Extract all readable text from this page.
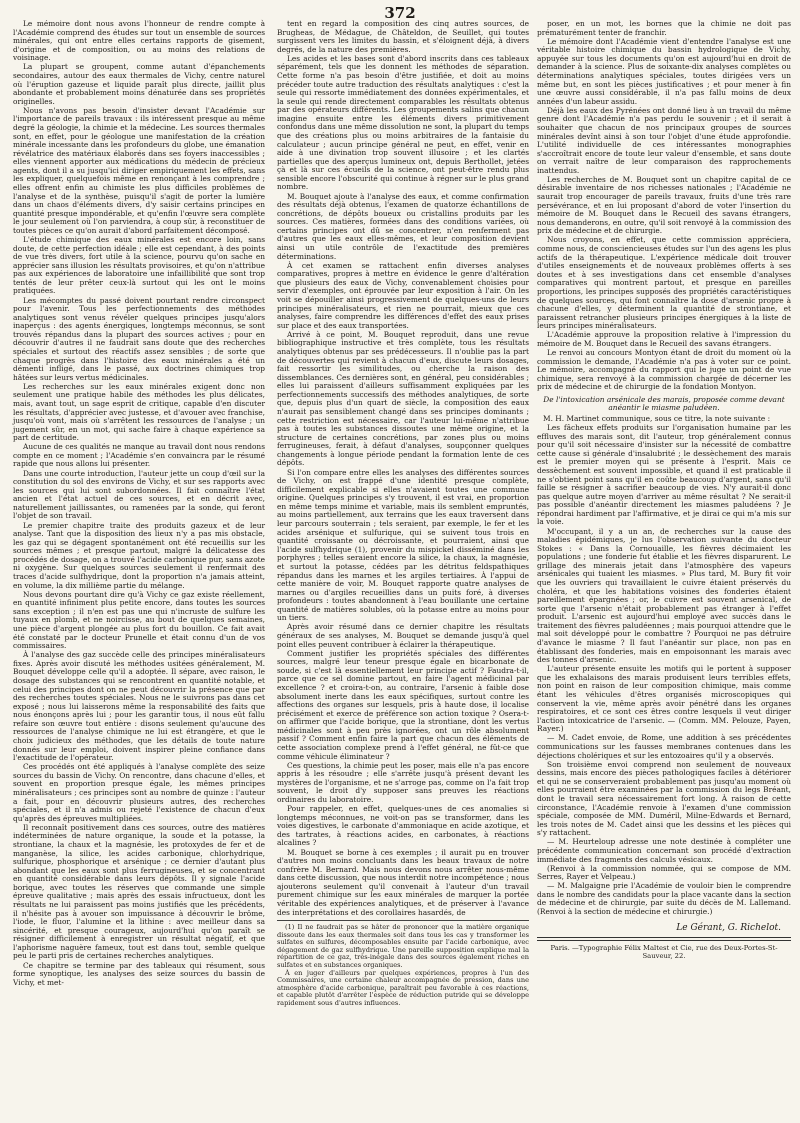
372

Le mémoire dont nous avons l'honneur de rendre compte à l'Académie comprend des études sur tout un ensemble de sources minérales, qui ont entre elles certains rapports de gisement, d'origine et de composition, ou au moins des relations de voisinage.

La plupart se groupent, comme autant d'épanchements secondaires, autour des eaux thermales de Vichy, centre naturel où l'éruption gazeuse et liquide paraît plus directe, jaillit plus abondante et probablement moins dénaturée dans ses propriétés originelles.

Nous n'avons pas besoin d'insister devant l'Académie sur l'importance de pareils travaux : ils intéressent presque au même degré la géologie, la chimie et la médecine. Les sources thermales sont, en effet, pour le géologue une manifestation de la création minérale incessante dans les profondeurs du globe, une émanation révélatrice des matériaux élaborés dans ses foyers inaccessibles ; elles viennent apporter aux médications du médecin de précieux agents, dont il a su jusqu'ici diriger empiriquement les effets, sans les expliquer, quelquefois même en renonçant à les comprendre ; elles offrent enfin au chimiste les plus difficiles problèmes de l'analyse et de la synthèse, puisqu'il s'agit de porter la lumière dans un chaos d'éléments divers, d'y saisir certains principes en quantité presque impondérable, et qu'enfin l'œuvre sera complète le jour seulement où l'on parviendra, à coup sûr, à reconstituer de toutes pièces ce qu'on aurait d'abord parfaitement décomposé.

L'étude chimique des eaux minérales est encore loin, sans doute, de cette perfection idéale ; elle est cependant, à des points de vue très divers, fort utile à la science, pourvu qu'on sache en apprécier sans illusion les résultats provisoires, et qu'on n'attribue pas aux expériences de laboratoire une infaillibilité que sont trop tentés de leur prêter ceux-là surtout qui les ont le moins pratiquées.

Les mécomptes du passé doivent pourtant rendre circonspect pour l'avenir. Tous les perfectionnements des méthodes analytiques sont venus révéler quelques principes jusqu'alors inaperçus : des agents énergiques, longtemps méconnus, se sont trouvés répandus dans la plupart des sources actives ; pour en découvrir d'autres il ne faudrait sans doute que des recherches spéciales et surtout des réactifs assez sensibles ; de sorte que chaque progrès dans l'histoire des eaux minérales a été un démenti infligé, dans le passé, aux doctrines chimiques trop hâtées sur leurs vertus médicinales.

Les recherches sur les eaux minérales exigent donc non seulement une pratique habile des méthodes les plus délicates, mais, avant tout, un sage esprit de critique, capable d'en discuter les résultats, d'apprécier avec justesse, et d'avouer avec franchise, jusqu'où vont, mais où s'arrêtent les ressources de l'analyse ; un jugement sûr, en un mot, qui sache faire à chaque expérience sa part de certitude.

Aucune de ces qualités ne manque au travail dont nous rendons compte en ce moment ; l'Académie s'en convaincra par le résumé rapide que nous allons lui présenter.

Dans une courte introduction, l'auteur jette un coup d'œil sur la constitution du sol des environs de Vichy, et sur ses rapports avec les sources qui lui sont subordonnées. Il fait connaître l'état ancien et l'état actuel de ces sources, et en décrit avec, naturellement jaillissantes, ou ramenées par la sonde, qui feront l'objet de son travail.

Le premier chapitre traite des produits gazeux et de leur analyse. Tant que la disposition des lieux n'y a pas mis obstacle, les gaz qui se dégagent spontanément ont été recueillis sur les sources mêmes ; et presque partout, malgré la délicatesse des procédés de dosage, on a trouvé l'acide carbonique pur, sans azote ni oxygène. Sur quelques sources seulement il renfermait des traces d'acide sulfhydrique, dont la proportion n'a jamais atteint, en volume, la dix millième partie du mélange.

Nous devons pourtant dire qu'à Vichy ce gaz existe réellement, en quantité infiniment plus petite encore, dans toutes les sources sans exception ; il n'en est pas une qui n'incruste de sulfure les tuyaux en plomb, et ne noircisse, au bout de quelques semaines, une pièce d'argent plongée au plus fort du bouillon. Ce fait avait été constaté par le docteur Prunelle et était connu d'un de vos commissaires.

À l'analyse des gaz succède celle des principes minéralisateurs fixes. Après avoir discuté les méthodes usitées généralement, M. Bouquet développe celle qu'il a adoptée. Il sépare, avec raison, le dosage des substances qui se rencontrent en quantité notable, et celui des principes dont on ne peut découvrir la présence que par des recherches toutes spéciales. Nous ne le suivrons pas dans cet exposé ; nous lui laisserons même la responsabilité des faits que nous énonçons après lui ; pour les garantir tous, il nous eût fallu refaire son œuvre tout entière : disons seulement qu'aucune des ressources de l'analyse chimique ne lui est étrangère, et que le choix judicieux des méthodes, que les détails de toute nature donnés sur leur emploi, doivent inspirer pleine confiance dans l'exactitude de l'opérateur.

Ces procédés ont été appliqués à l'analyse complète des seize sources du bassin de Vichy. On rencontre, dans chacune d'elles, et souvent en proportion presque égale, les mêmes principes minéralisateurs ; ces principes sont au nombre de quinze : l'auteur a fait, pour en découvrir plusieurs autres, des recherches spéciales, et il n'a admis ou rejeté l'existence de chacun d'eux qu'après des épreuves multipliées.

Il reconnaît positivement dans ces sources, outre des matières indéterminées de nature organique, la soude et la potasse, la strontiane, la chaux et la magnésie, les protoxydes de fer et de manganèse, la silice, les acides carbonique, chlorhydrique, sulfurique, phosphorique et arsénique ; ce dernier d'autant plus abondant que les eaux sont plus ferrugineuses, et se concentrant en quantité considérable dans leurs dépôts. Il y signale l'acide borique, avec toutes les réserves que commande une simple épreuve qualitative ; mais après des essais infructueux, dont les résultats ne lui paraissent pas moins justifiés que les précédents, il n'hésite pas à avouer son impuissance à découvrir le brôme, l'iode, le fluor, l'alumine et la lithine : avec meilleur dans sa sincérité, et presque courageux, aujourd'hui qu'on paraît se résigner difficilement à enregistrer un résultat négatif, et que l'aphorisme naguère fameux, tout est dans tout, semble quelque peu le parti pris de certaines recherches analytiques.

Ce chapitre se termine par des tableaux qui résument, sous forme synoptique, les analyses des seize sources du bassin de Vichy, et met-

tent en regard la composition des cinq autres sources, de Brugheas, de Médague, de Châteldon, de Seuillet, qui toutes surgissent vers les limites du bassin, et s'éloignent déjà, à divers degrés, de la nature des premières.

Les acides et les bases sont d'abord inscrits dans ces tableaux séparément, tels que les donnent les méthodes de séparation. Cette forme n'a pas besoin d'être justifiée, et doit au moins précéder toute autre traduction des résultats analytiques : c'est la seule qui ressorte immédiatement des données expérimentales, et la seule qui rende directement comparables les résultats obtenus par des opérateurs différents. Les groupements salins que chacun imagine ensuite entre les éléments divers primitivement confondus dans une même dissolution ne sont, la plupart du temps que des créations plus ou moins arbitraires de la fantaisie du calculateur ; aucun principe général ne peut, en effet, venir en aide à une divination trop souvent illusoire ; et les clartés partielles que des aperçus lumineux ont, depuis Berthollet, jetées çà et là sur ces écueils de la science, ont peut-être rendu plus sensible encore l'obscurité qui continue à régner sur le plus grand nombre.

M. Bouquet ajoute à l'analyse des eaux, et comme confirmation des résultats déjà obtenus, l'examen de quatorze échantillons de concrétions, de dépôts boueux ou cristallins produits par les sources. Ces matières, formées dans des conditions variées, où certains principes ont dû se concentrer, n'en renferment pas d'autres que les eaux elles-mêmes, et leur composition devient ainsi un utile contrôle de l'exactitude des premières déterminations.

À cet examen se rattachent enfin diverses analyses comparatives, propres à mettre en évidence le genre d'altération que plusieurs des eaux de Vichy, convenablement choisies pour servir d'exemples, ont éprouvée par leur exposition à l'air. On les voit se dépouiller ainsi progressivement de quelques-uns de leurs principes minéralisateurs, et rien ne pourrait, mieux que ces analyses, faire comprendre les différences d'effet des eaux prises sur place et des eaux transportées.

Arrivé à ce point, M. Bouquet reproduit, dans une revue bibliographique instructive et très complète, tous les résultats analytiques obtenus par ses prédécesseurs. Il n'oublie pas la part de découvertes qui revient à chacun d'eux, discute leurs dosages, fait ressortir les similitudes, ou cherche la raison des dissemblances. Ces dernières sont, en général, peu considérables ; elles lui paraissent d'ailleurs suffisamment expliquées par les perfectionnements successifs des méthodes analytiques, de sorte que, depuis plus d'un quart de siècle, la composition des eaux n'aurait pas sensiblement changé dans ses principes dominants ; cette restriction est nécessaire, car l'auteur lui-même n'attribue pas à toutes les substances dissoutes une même origine, et la structure de certaines concrétions, par zones plus ou moins ferrugineuses, ferait, à défaut d'analyses, soupçonner quelques changements à longue période pendant la formation lente de ces dépôts.

Si l'on compare entre elles les analyses des différentes sources de Vichy, on est frappé d'une identité presque complète, difficilement explicable si elles n'avaient toutes une commune origine. Quelques principes s'y trouvent, il est vrai, en proportion en même temps minime et variable, mais ils semblent empruntés, au moins partiellement, aux terrains que les eaux traversent dans leur parcours souterrain ; tels seraient, par exemple, le fer et les acides arsénique et sulfurique, qui se suivent tous trois en quantité croissante ou décroissante, et pourraient, ainsi que l'acide sulfhydrique (1), provenir du mispickel disséminé dans les porphyres ; telles seraient encore la silice, la chaux, la magnésie, et surtout la potasse, cédées par les détritus feldspathiques répandus dans les marnes et les argiles tertiaires. À l'appui de cette manière de voir, M. Bouquet rapporte quatre analyses de marnes ou d'argiles recueillies dans un puits foré, à diverses profondeurs : toutes abandonnent à l'eau bouillante une certaine quantité de matières solubles, où la potasse entre au moins pour un tiers.

Après avoir résumé dans ce dernier chapitre les résultats généraux de ses analyses, M. Bouquet se demande jusqu'à quel point elles peuvent contribuer à éclairer la thérapeutique.

Comment justifier les propriétés spéciales des différentes sources, malgré leur teneur presque égale en bicarbonate de soude, si c'est là essentiellement leur principe actif ? Faudra-t-il, parce que ce sel domine partout, en faire l'agent médicinal par excellence ? et croira-t-on, au contraire, l'arsenic à faible dose absolument inerte dans les eaux spécifiques, surtout contre les affections des organes sur lesquels, pris à haute dose, il localise précisément et exerce de préférence son action toxique ? Osera-t-on affirmer que l'acide borique, que la strontiane, dont les vertus médicinales sont à peu près ignorées, ont un rôle absolument passif ? Comment enfin faire la part que chacun des éléments de cette association complexe prend à l'effet général, ne fût-ce que comme véhicule éliminateur ?

Ces questions, la chimie peut les poser, mais elle n'a pas encore appris à les résoudre ; elle s'arrête jusqu'à présent devant les mystères de l'organisme, et ne s'arroge pas, comme on l'a fait trop souvent, le droit d'y supposer sans preuves les réactions ordinaires du laboratoire.

Pour rappeler, en effet, quelques-unes de ces anomalies si longtemps méconnues, ne voit-on pas se transformer, dans les voies digestives, le carbonate d'ammoniaque en acide azotique, et des tartrates, à réactions acides, en carbonates, à réactions alcalines ?

M. Bouquet se borne à ces exemples ; il aurait pu en trouver d'autres non moins concluants dans les beaux travaux de notre confrère M. Bernard. Mais nous devons nous arrêter nous-même dans cette discussion, que nous interdit notre incompétence ; nous ajouterons seulement qu'il convenait à l'auteur d'un travail purement chimique sur les eaux minérales de marquer la portée véritable des expériences analytiques, et de préserver à l'avance des interprétations et des corollaires hasardés, de

(1) Il ne faudrait pas se hâter de prononcer que la matière organique dissoute dans les eaux thermales soit dans tous les cas y transformer les sulfates en sulfures, décomposables ensuite par l'acide carbonique, avec dégagement de gaz sulfhydrique. Une pareille supposition explique mal la répartition de ce gaz, très-inégale dans des sources également riches en sulfates et en substances organiques.

À en juger d'ailleurs par quelques expériences, propres à l'un des Commissaires, une certaine chaleur accompagnée de pression, dans une atmosphère d'acide carbonique, paraîtrait peu favorable à ces réactions, et capable plutôt d'arrêter l'espèce de réduction putride qui se développe rapidement sous d'autres influences.

poser, en un mot, les bornes que la chimie ne doit pas prématurément tenter de franchir.

Le mémoire dont l'Académie vient d'entendre l'analyse est une véritable histoire chimique du bassin hydrologique de Vichy, appuyée sur tous les documents qu'on est aujourd'hui en droit de demander à la science. Plus de soixante-dix analyses complètes ou déterminations analytiques spéciales, toutes dirigées vers un même but, en sont les pièces justificatives ; et pour mener à fin une œuvre aussi considérable, il n'a pas fallu moins de deux années d'un labeur assidu.

Déjà les eaux des Pyrénées ont donné lieu à un travail du même genre dont l'Académie n'a pas perdu le souvenir ; et il serait à souhaiter que chacun de nos principaux groupes de sources minérales devînt ainsi à son tour l'objet d'une étude approfondie. L'utilité individuelle de ces intéressantes monographies s'accroîtrait encore de toute leur valeur d'ensemble, et sans doute on verrait naître de leur comparaison des rapprochements inattendus.

Les recherches de M. Bouquet sont un chapitre capital de ce désirable inventaire de nos richesses nationales ; l'Académie ne saurait trop encourager de pareils travaux, fruits d'une très rare persévérance, et en lui proposant d'abord de voter l'insertion du mémoire de M. Bouquet dans le Recueil des savans étrangers, nous demanderons, en outre, qu'il soit renvoyé à la commission des prix de médecine et de chirurgie.

Nous croyons, en effet, que cette commission appréciera, comme nous, de consciencieuses études sur l'un des agens les plus actifs de la thérapeutique. L'expérience médicale doit trouver d'utiles enseignements et de nouveaux problèmes offerts à ses doutes et à ses investigations dans cet ensemble d'analyses comparatives qui montrent partout, et presque en pareilles proportions, les principes supposés des propriétés caractéristiques de quelques sources, qui font connaître la dose d'arsenic propre à chacune d'elles, y déterminent la quantité de strontiane, et paraissent retrancher plusieurs principes énergiques à la liste de leurs principes minéralisateurs.

L'Académie approuve la proposition relative à l'impression du mémoire de M. Bouquet dans le Recueil des savans étrangers.

Le renvoi au concours Montyon étant de droit du moment où la commission le demande, l'Académie n'a pas à voter sur ce point. Le mémoire, accompagné du rapport qui le juge un point de vue chimique, sera renvoyé à la commission chargée de décerner les prix de médecine et de chirurgie de la fondation Montyon.

De l'intoxication arsénicale des marais, proposée comme devant anéantir le miasme paludéen.

M. H. Martinet communique, sous ce titre, la note suivante :

Les fâcheux effets produits sur l'organisation humaine par les effluves des marais sont, dit l'auteur, trop généralement connus pour qu'il soit nécessaire d'insister sur la nécessité de combattre cette cause si générale d'insalubrité ; le dessèchement des marais est le premier moyen qui se présente à l'esprit. Mais ce dessèchement est souvent impossible, et quand il est praticable il ne s'obtient point sans qu'il en coûte beaucoup d'argent, sans qu'il faille se résigner à sacrifier beaucoup de vies. N'y aurait-il donc pas quelque autre moyen d'arriver au même résultat ? Ne serait-il pas possible d'anéantir directement les miasmes paludéens ? Je répondrai hardiment par l'affirmative, et je dirai ce qui m'a mis sur la voie.

M'occupant, il y a un an, de recherches sur la cause des maladies épidémiques, je lus l'observation suivante du docteur Stokes : « Dans la Cornouaille, les fièvres décimaient les populations ; une fonderie fut établie et les fièvres disparurent. Le grillage des minerais jetait dans l'atmosphère des vapeurs arsénicales qui tuaient les miasmes. » Plus tard, M. Bury fit voir que les ouvriers qui travaillaient le cuivre étaient préservés du choléra, et que les habitations voisines des fonderies étaient pareillement épargnées ; or, le cuivre est souvent arsenical, de sorte que l'arsenic n'était probablement pas étranger à l'effet produit. L'arsenic est aujourd'hui employé avec succès dans le traitement des fièvres paludéennes ; mais pourquoi attendre que le mal soit développé pour le combattre ? Pourquoi ne pas détruire d'avance le miasme ? Il faut l'anéantir sur place, non pas en établissant des fonderies, mais en empoisonnant les marais avec des tonnes d'arsenic.

L'auteur présente ensuite les motifs qui le portent à supposer que les exhalaisons des marais produisent leurs terribles effets, non point en raison de leur composition chimique, mais comme étant les véhicules d'êtres organisés microscopiques qui conservent la vie, même après avoir pénétré dans les organes respiratoires, et ce sont ces êtres contre lesquels il veut diriger l'action intoxicatrice de l'arsenic. — (Comm. MM. Pelouze, Payen, Rayer.)

— M. Cadet envoie, de Rome, une addition à ses précédentes communications sur les fausses membranes contenues dans les déjections cholériques et sur les entozoaires qu'il y a observés.

Son troisième envoi comprend non seulement de nouveaux dessins, mais encore des pièces pathologiques faciles à détériorer et qui ne se conserveraient probablement pas jusqu'au moment où elles pourraient être examinées par la commission du legs Bréant, dont le travail sera nécessairement fort long. À raison de cette circonstance, l'Académie renvoie à l'examen d'une commission spéciale, composée de MM. Duméril, Milne-Edwards et Bernard, les trois notes de M. Cadet ainsi que les dessins et les pièces qui s'y rattachent.

— M. Heurteloup adresse une note destinée à compléter une précédente communication concernant son procédé d'extraction immédiate des fragments des calculs vésicaux.

(Renvoi à la commission nommée, qui se compose de MM. Serres, Rayer et Velpeau.)

— M. Malgaigne prie l'Académie de vouloir bien le comprendre dans le nombre des candidats pour la place vacante dans la section de médecine et de chirurgie, par suite du décès de M. Lallemand. (Renvoi à la section de médecine et chirurgie.)

Le Gérant, G. Richelot.
Paris. —Typographie Félix Maltest et Cie, rue des Deux-Portes-St-Sauveur, 22.
